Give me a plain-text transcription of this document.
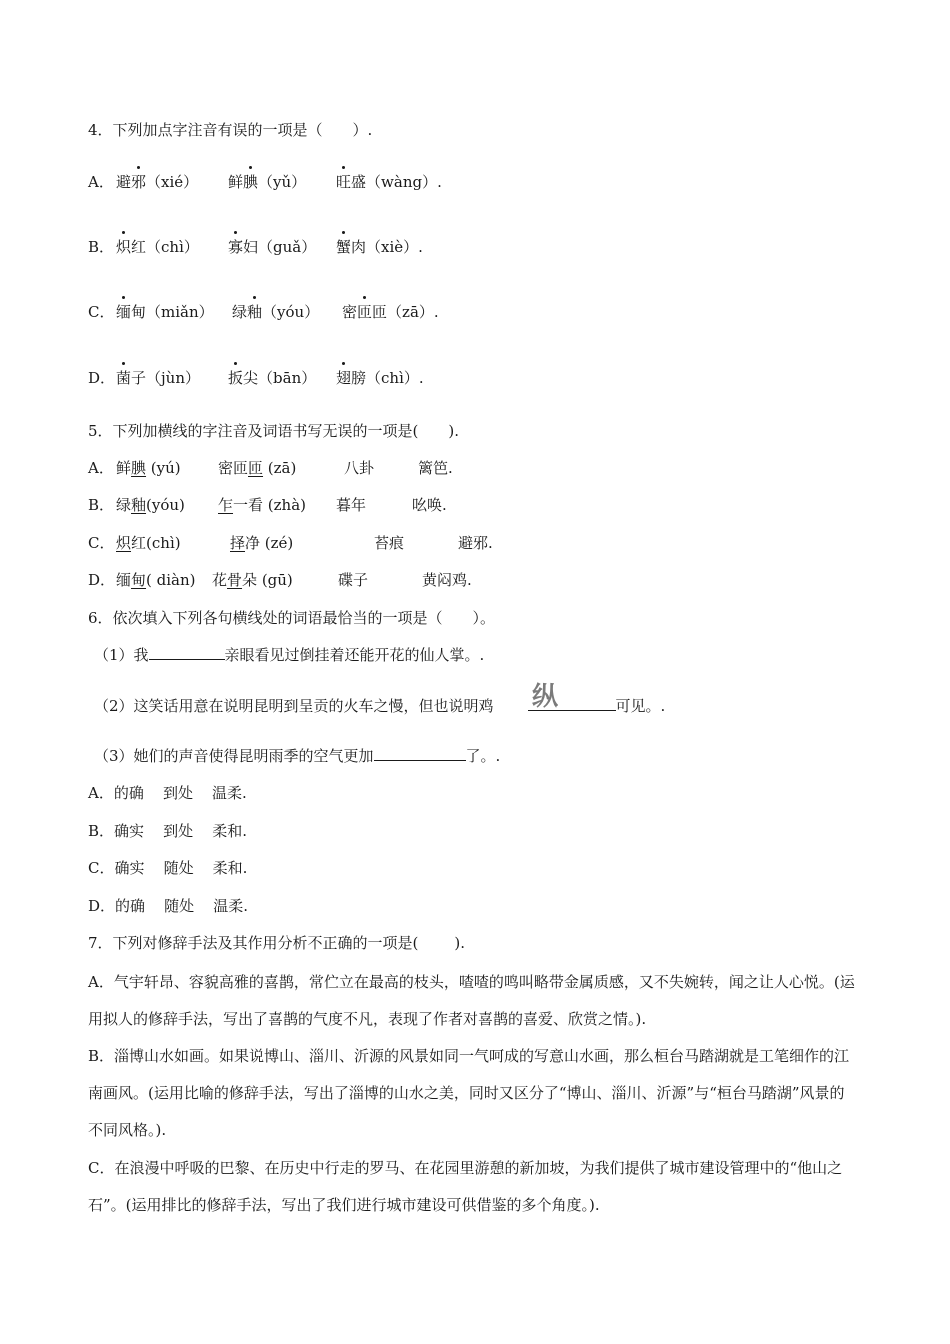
4．下列加点字注音有误的一项是（ ）.
A． 避邪（xié） 鲜腆（yǔ） 旺盛（wàng）.
B． 炽红（chì） 寡妇（guǎ） 蟹肉（xiè）.
C． 缅甸（miǎn） 绿釉（yóu） 密匝匝（zā）.
D． 菌子（jùn） 扳尖（bān） 翅膀（chì）.
5．下列加横线的字注音及词语书写无误的一项是( ).
A． 鲜腆 (yú) 密匝匝 (zā)	八卦	篱笆.
B． 绿釉(yóu) 乍一看 (zhà) 暮年	吆唤.
C． 炽红(chì)	择净 (zé)	苔痕	避邪.
D． 缅甸( diàn) 花骨朵 (gū)	碟子	黄闷鸡.
6．依次填入下列各句横线处的词语最恰当的一项是（ ）。
（1）我	亲眼看见过倒挂着还能开花的仙人掌。.
（2）这笑话用意在说明昆明到呈贡的火车之慢，但也说明鸡	可见。.
纵
（3）她们的声音使得昆明雨季的空气更加	了。.
A．的确 到处 温柔.
B．确实 到处 柔和.
C．确实 随处 柔和.
D．的确 随处 温柔.
7．下列对修辞手法及其作用分析不正确的一项是( ).
A．气宇轩昂、容貌高雅的喜鹊，常伫立在最高的枝头，喳喳的鸣叫略带金属质感，又不失婉转，闻之让人心悦。(运用拟人的修辞手法，写出了喜鹊的气度不凡，表现了作者对喜鹊的喜爱、欣赏之情。).
B．淄博山水如画。如果说博山、淄川、沂源的风景如同一气呵成的写意山水画，那么桓台马踏湖就是工笔细作的江南画风。(运用比喻的修辞手法，写出了淄博的山水之美，同时又区分了“博山、淄川、沂源”与“桓台马踏湖”风景的不同风格。).
C．在浪漫中呼吸的巴黎、在历史中行走的罗马、在花园里游憩的新加坡，为我们提供了城市建设管理中的“他山之石”。(运用排比的修辞手法，写出了我们进行城市建设可供借鉴的多个角度。).
